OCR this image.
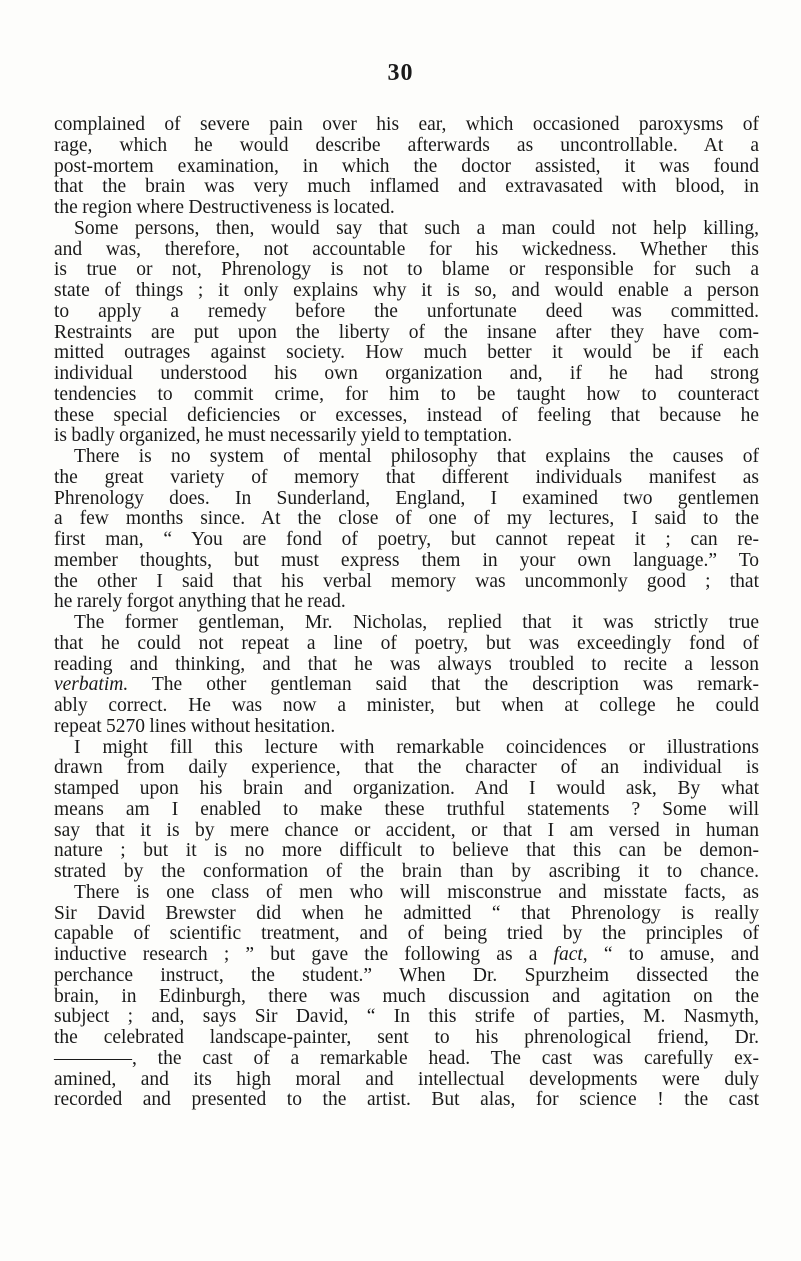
30
complained of severe pain over his ear, which occasioned paroxysms of
rage, which he would describe afterwards as uncontrollable. At a
post-mortem examination, in which the doctor assisted, it was found
that the brain was very much inflamed and extravasated with blood, in
the region where Destructiveness is located.
Some persons, then, would say that such a man could not help killing,
and was, therefore, not accountable for his wickedness. Whether this
is true or not, Phrenology is not to blame or responsible for such a
state of things ; it only explains why it is so, and would enable a person
to apply a remedy before the unfortunate deed was committed.
Restraints are put upon the liberty of the insane after they have com-
mitted outrages against society. How much better it would be if each
individual understood his own organization and, if he had strong
tendencies to commit crime, for him to be taught how to counteract
these special deficiencies or excesses, instead of feeling that because he
is badly organized, he must necessarily yield to temptation.
There is no system of mental philosophy that explains the causes of
the great variety of memory that different individuals manifest as
Phrenology does. In Sunderland, England, I examined two gentlemen
a few months since. At the close of one of my lectures, I said to the
first man, “ You are fond of poetry, but cannot repeat it ; can re-
member thoughts, but must express them in your own language.” To
the other I said that his verbal memory was uncommonly good ; that
he rarely forgot anything that he read.
The former gentleman, Mr. Nicholas, replied that it was strictly true
that he could not repeat a line of poetry, but was exceedingly fond of
reading and thinking, and that he was always troubled to recite a lesson
verbatim. The other gentleman said that the description was remark-
ably correct. He was now a minister, but when at college he could
repeat 5270 lines without hesitation.
I might fill this lecture with remarkable coincidences or illustrations
drawn from daily experience, that the character of an individual is
stamped upon his brain and organization. And I would ask, By what
means am I enabled to make these truthful statements ? Some will
say that it is by mere chance or accident, or that I am versed in human
nature ; but it is no more difficult to believe that this can be demon-
strated by the conformation of the brain than by ascribing it to chance.
There is one class of men who will misconstrue and misstate facts, as
Sir David Brewster did when he admitted “ that Phrenology is really
capable of scientific treatment, and of being tried by the principles of
inductive research ; ” but gave the following as a fact, “ to amuse, and
perchance instruct, the student.” When Dr. Spurzheim dissected the
brain, in Edinburgh, there was much discussion and agitation on the
subject ; and, says Sir David, “ In this strife of parties, M. Nasmyth,
the celebrated landscape-painter, sent to his phrenological friend, Dr.
————, the cast of a remarkable head. The cast was carefully ex-
amined, and its high moral and intellectual developments were duly
recorded and presented to the artist. But alas, for science ! the cast
